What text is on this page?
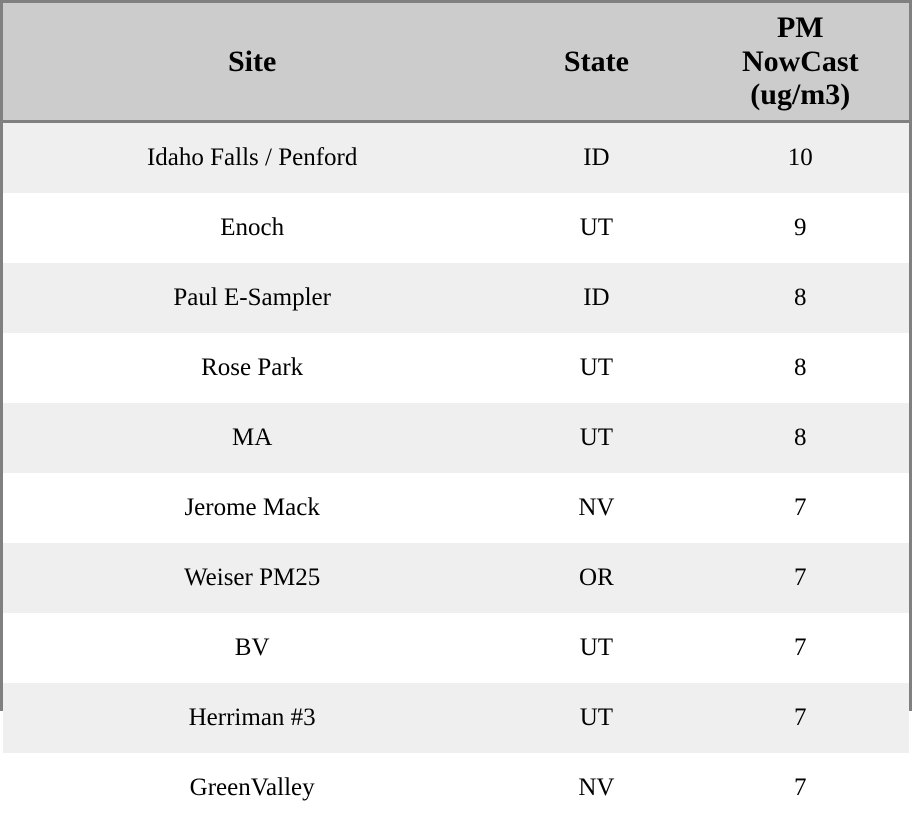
Site	State	PM
NowCast
(ug/m3)
Idaho Falls / Penford	ID	10
Enoch	UT	9
Paul E-Sampler	ID	8
Rose Park	UT	8
MA	UT	8
Jerome Mack	NV	7
Weiser PM25	OR	7
BV	UT	7
Herriman #3	UT	7
GreenValley	NV	7
